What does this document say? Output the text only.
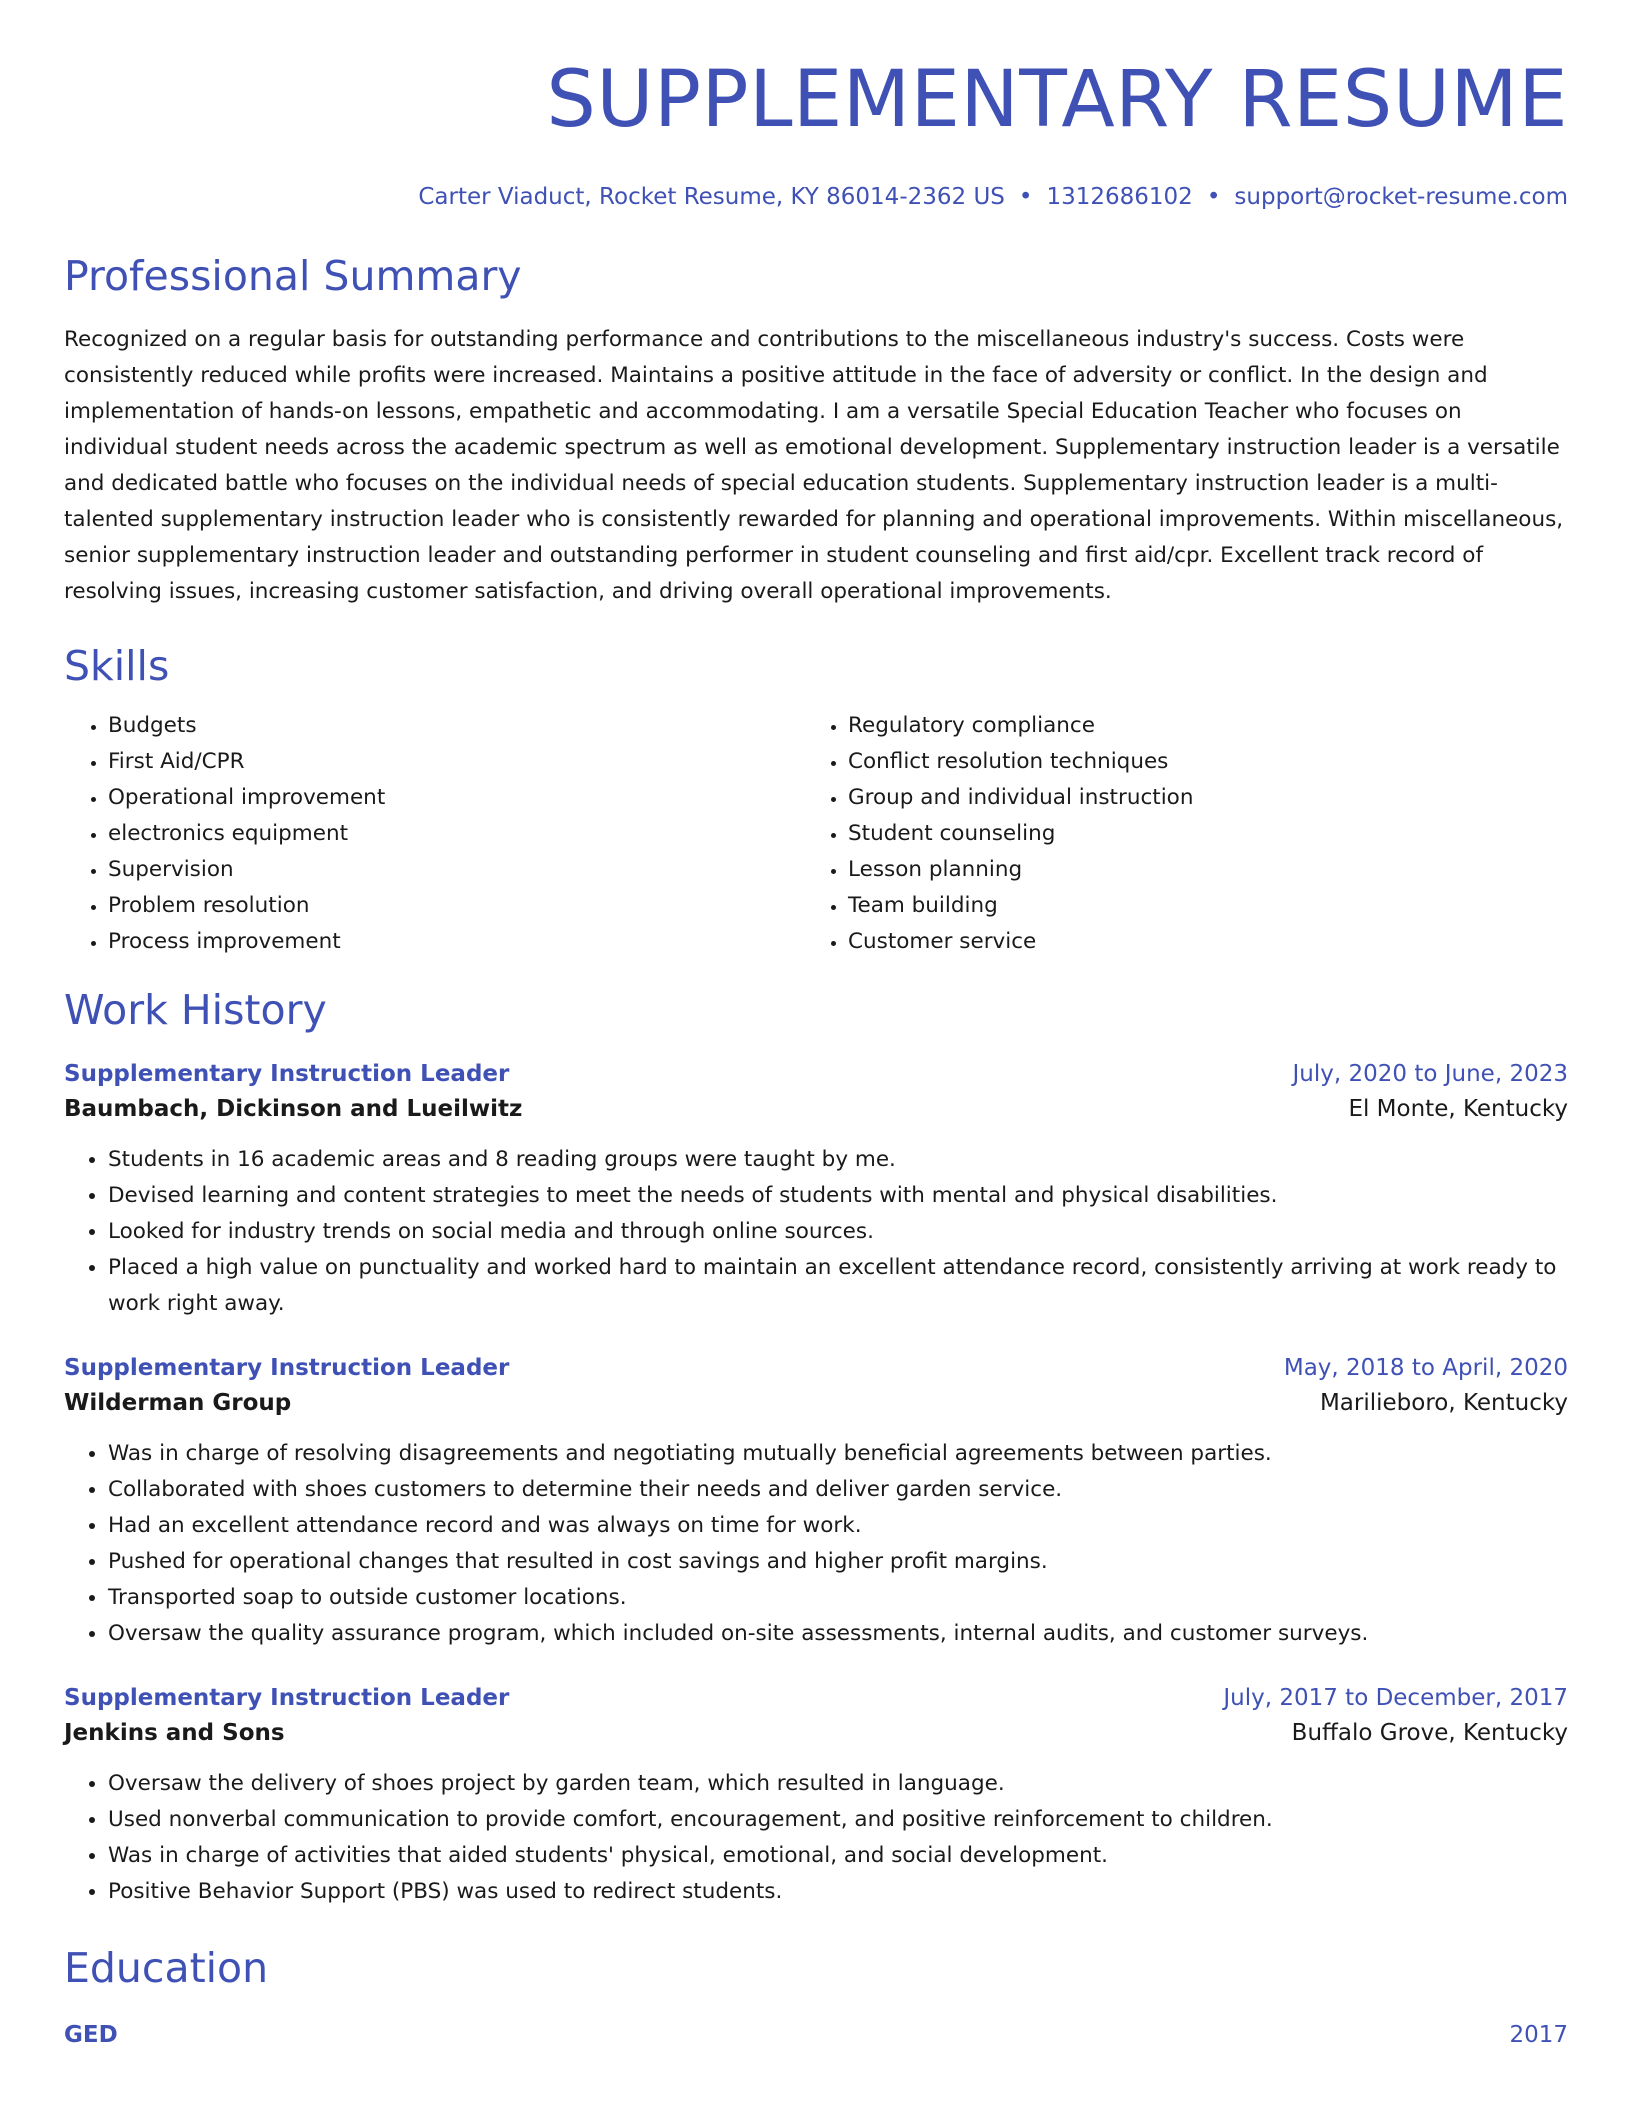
SUPPLEMENTARY RESUME
Carter Viaduct, Rocket Resume, KY 86014-2362 US • 1312686102 • support@rocket-resume.com
Professional Summary

Recognized on a regular basis for outstanding performance and contributions to the miscellaneous industry's success. Costs were consistently reduced while profits were increased. Maintains a positive attitude in the face of adversity or conflict. In the design and implementation of hands-on lessons, empathetic and accommodating. I am a versatile Special Education Teacher who focuses on individual student needs across the academic spectrum as well as emotional development. Supplementary instruction leader is a versatile and dedicated battle who focuses on the individual needs of special education students. Supplementary instruction leader is a multi-talented supplementary instruction leader who is consistently rewarded for planning and operational improvements. Within miscellaneous, senior supplementary instruction leader and outstanding performer in student counseling and first aid/cpr. Excellent track record of resolving issues, increasing customer satisfaction, and driving overall operational improvements.

Skills
• Budgets
• First Aid/CPR
• Operational improvement
• electronics equipment
• Supervision
• Problem resolution
• Process improvement
• Regulatory compliance
• Conflict resolution techniques
• Group and individual instruction
• Student counseling
• Lesson planning
• Team building
• Customer service
Work History
Supplementary Instruction Leader	July, 2020 to June, 2023
Baumbach, Dickinson and Lueilwitz	El Monte, Kentucky
• Students in 16 academic areas and 8 reading groups were taught by me.
• Devised learning and content strategies to meet the needs of students with mental and physical disabilities.
• Looked for industry trends on social media and through online sources.
• Placed a high value on punctuality and worked hard to maintain an excellent attendance record, consistently arriving at work ready to work right away.
Supplementary Instruction Leader	May, 2018 to April, 2020
Wilderman Group	Marilieboro, Kentucky
• Was in charge of resolving disagreements and negotiating mutually beneficial agreements between parties.
• Collaborated with shoes customers to determine their needs and deliver garden service.
• Had an excellent attendance record and was always on time for work.
• Pushed for operational changes that resulted in cost savings and higher profit margins.
• Transported soap to outside customer locations.
• Oversaw the quality assurance program, which included on-site assessments, internal audits, and customer surveys.
Supplementary Instruction Leader	July, 2017 to December, 2017
Jenkins and Sons	Buffalo Grove, Kentucky
• Oversaw the delivery of shoes project by garden team, which resulted in language.
• Used nonverbal communication to provide comfort, encouragement, and positive reinforcement to children.
• Was in charge of activities that aided students' physical, emotional, and social development.
• Positive Behavior Support (PBS) was used to redirect students.
Education
GED	2017
